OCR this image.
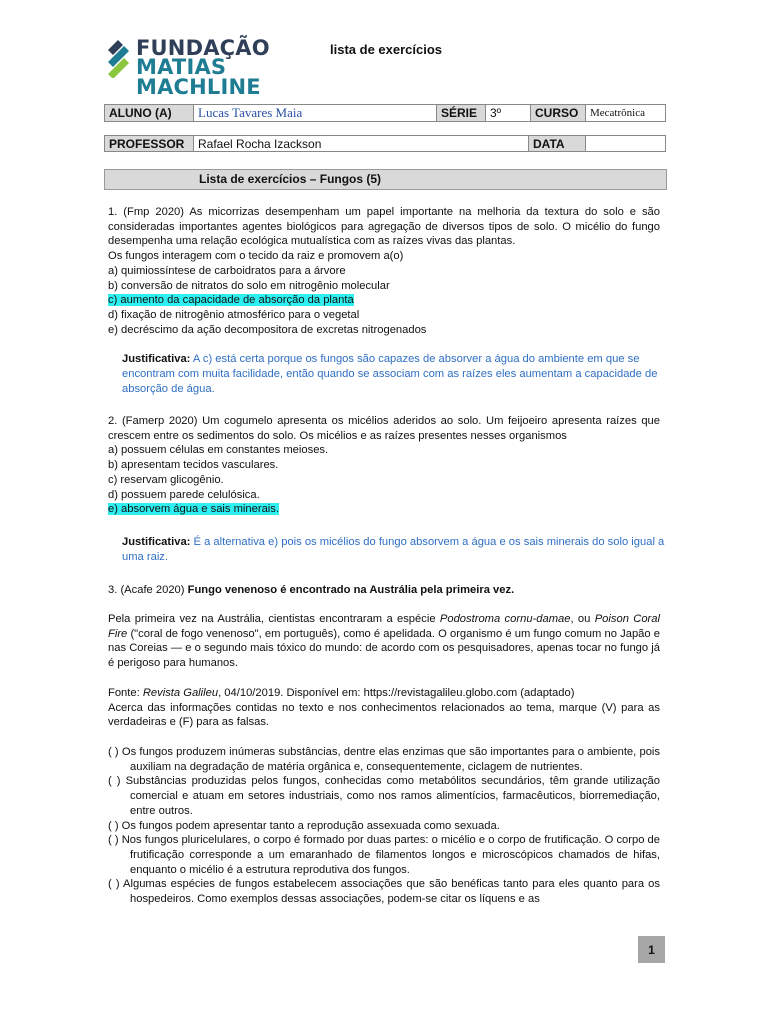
FUNDAÇÃO
MATIAS MACHLINE
lista de exercícios
ALUNO (A)	Lucas Tavares Maia	SÉRIE	3º	CURSO	Mecatrônica
PROFESSOR	Rafael Rocha Izackson	DATA	
Lista de exercícios – Fungos (5)

1. (Fmp 2020) As micorrizas desempenham um papel importante na melhoria da textura do solo e são consideradas importantes agentes biológicos para agregação de diversos tipos de solo. O micélio do fungo desempenha uma relação ecológica mutualística com as raízes vivas das plantas.

Os fungos interagem com o tecido da raiz e promovem a(o)

a) quimiossíntese de carboidratos para a árvore

b) conversão de nitratos do solo em nitrogênio molecular

c) aumento da capacidade de absorção da planta

d) fixação de nitrogênio atmosférico para o vegetal

e) decréscimo da ação decompositora de excretas nitrogenados

Justificativa: A c) está certa porque os fungos são capazes de absorver a água do ambiente em que se encontram com muita facilidade, então quando se associam com as raízes eles aumentam a capacidade de absorção de água.

2. (Famerp 2020) Um cogumelo apresenta os micélios aderidos ao solo. Um feijoeiro apresenta raízes que crescem entre os sedimentos do solo. Os micélios e as raízes presentes nesses organismos

a) possuem células em constantes meioses.

b) apresentam tecidos vasculares.

c) reservam glicogênio.

d) possuem parede celulósica.

e) absorvem água e sais minerais.

Justificativa: É a alternativa e) pois os micélios do fungo absorvem a água e os sais minerais do solo igual a uma raiz.

3. (Acafe 2020) Fungo venenoso é encontrado na Austrália pela primeira vez.

Pela primeira vez na Austrália, cientistas encontraram a espécie Podostroma cornu-damae, ou Poison Coral Fire ("coral de fogo venenoso", em português), como é apelidada. O organismo é um fungo comum no Japão e nas Coreias — e o segundo mais tóxico do mundo: de acordo com os pesquisadores, apenas tocar no fungo já é perigoso para humanos.

Fonte: Revista Galileu, 04/10/2019. Disponível em: https://revistagalileu.globo.com (adaptado)

Acerca das informações contidas no texto e nos conhecimentos relacionados ao tema, marque (V) para as verdadeiras e (F) para as falsas.

( ) Os fungos produzem inúmeras substâncias, dentre elas enzimas que são importantes para o ambiente, pois auxiliam na degradação de matéria orgânica e, consequentemente, ciclagem de nutrientes.

( ) Substâncias produzidas pelos fungos, conhecidas como metabólitos secundários, têm grande utilização comercial e atuam em setores industriais, como nos ramos alimentícios, farmacêuticos, biorremediação, entre outros.

( ) Os fungos podem apresentar tanto a reprodução assexuada como sexuada.

( ) Nos fungos pluricelulares, o corpo é formado por duas partes: o micélio e o corpo de frutificação. O corpo de frutificação corresponde a um emaranhado de filamentos longos e microscópicos chamados de hifas, enquanto o micélio é a estrutura reprodutiva dos fungos.

( ) Algumas espécies de fungos estabelecem associações que são benéficas tanto para eles quanto para os hospedeiros. Como exemplos dessas associações, podem-se citar os líquens e as

1
